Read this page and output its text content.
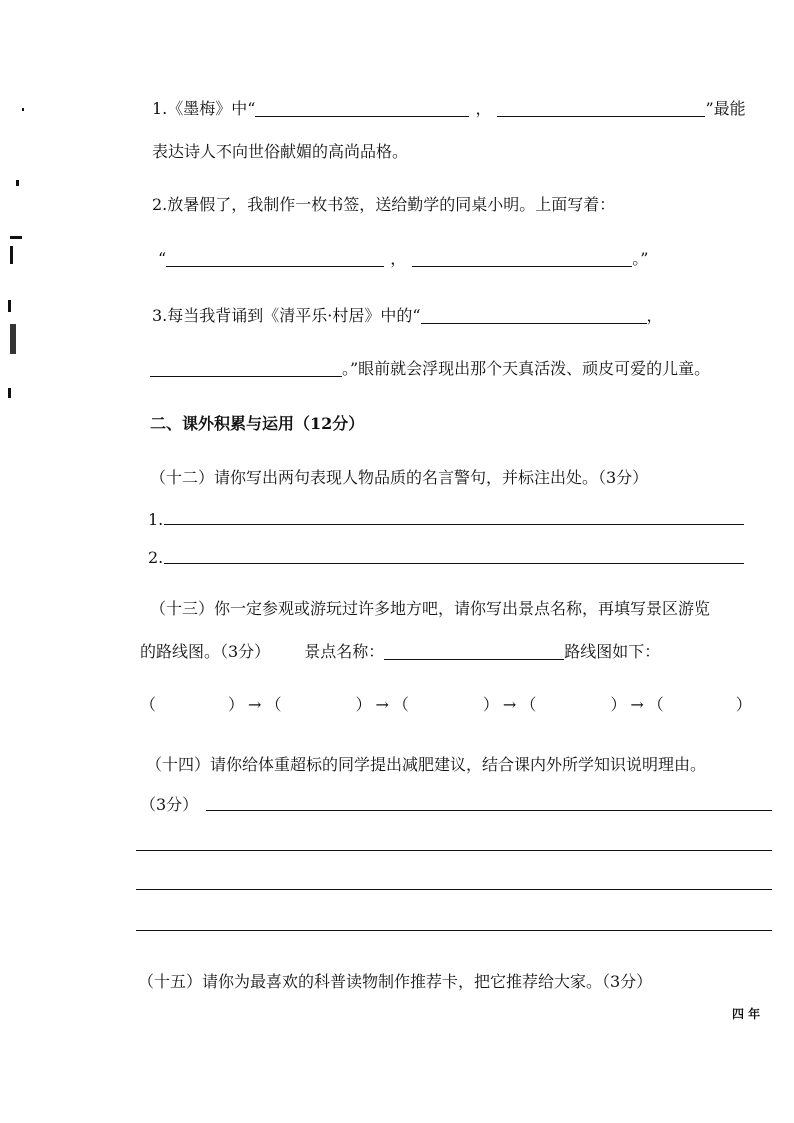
1.《墨梅》中“	，	”最能
表达诗人不向世俗献媚的高尚品格。
2.放暑假了，我制作一枚书签，送给勤学的同桌小明。上面写着：
“	，	。”
3.每当我背诵到《清平乐·村居》中的“	，
。”眼前就会浮现出那个天真活泼、顽皮可爱的儿童。
二、课外积累与运用（12分）
（十二）请你写出两句表现人物品质的名言警句，并标注出处。（3分）
1.
2.
（十三）你一定参观或游玩过许多地方吧，请你写出景点名称，再填写景区游览
的路线图。（3分） 景点名称：	路线图如下：
（	） → （	） → （	） → （	） → （	）
（十四）请你给体重超标的同学提出减肥建议，结合课内外所学知识说明理由。
（3分）
（十五）请你为最喜欢的科普读物制作推荐卡，把它推荐给大家。（3分）
四 年
